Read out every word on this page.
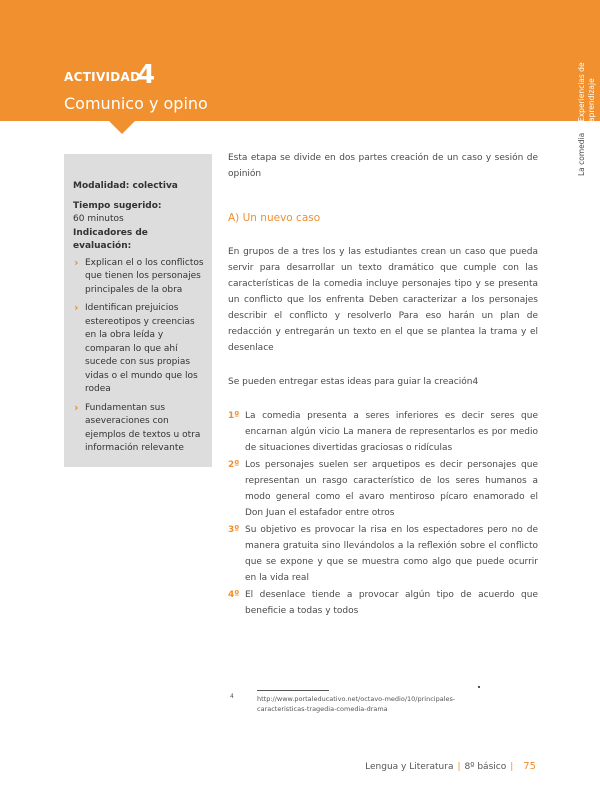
ACTIVIDAD
4
Comunico y opino	Experiencias de aprendizaje
La comedia
Modalidad: colectiva
Tiempo sugerido:
60 minutos
Indicadores de evaluación:
› Explican el o los conflictos que tienen los personajes principales de la obra
› Identifican prejuicios estereotipos y creencias en la obra leída y comparan lo que ahí sucede con sus propias vidas o el mundo que los rodea
› Fundamentan sus aseveraciones con ejemplos de textos u otra información relevante

Esta etapa se divide en dos partes creación de un caso y sesión de opinión

A) Un nuevo caso

En grupos de a tres los y las estudiantes crean un caso que pueda servir para desarrollar un texto dramático que cumple con las características de la comedia incluye personajes tipo y se presenta un conflicto que los enfrenta Deben caracterizar a los personajes describir el conflicto y resolverlo Para eso harán un plan de redacción y entregarán un texto en el que se plantea la trama y el desenlace

Se pueden entregar estas ideas para guiar la creación4

1º La comedia presenta a seres inferiores es decir seres que encarnan algún vicio La manera de representarlos es por medio de situaciones divertidas graciosas o ridículas
2º Los personajes suelen ser arquetipos es decir personajes que representan un rasgo característico de los seres humanos a modo general como el avaro mentiroso pícaro enamorado el Don Juan el estafador entre otros
3º Su objetivo es provocar la risa en los espectadores pero no de manera gratuita sino llevándolos a la reflexión sobre el conflicto que se expone y que se muestra como algo que puede ocurrir en la vida real
4º El desenlace tiende a provocar algún tipo de acuerdo que beneficie a todas y todos
4	http://www.portaleducativo.net/octavo-medio/10/principales-caracteristicas-tragedia-comedia-drama
Lengua y Literatura | 8º básico | 75
